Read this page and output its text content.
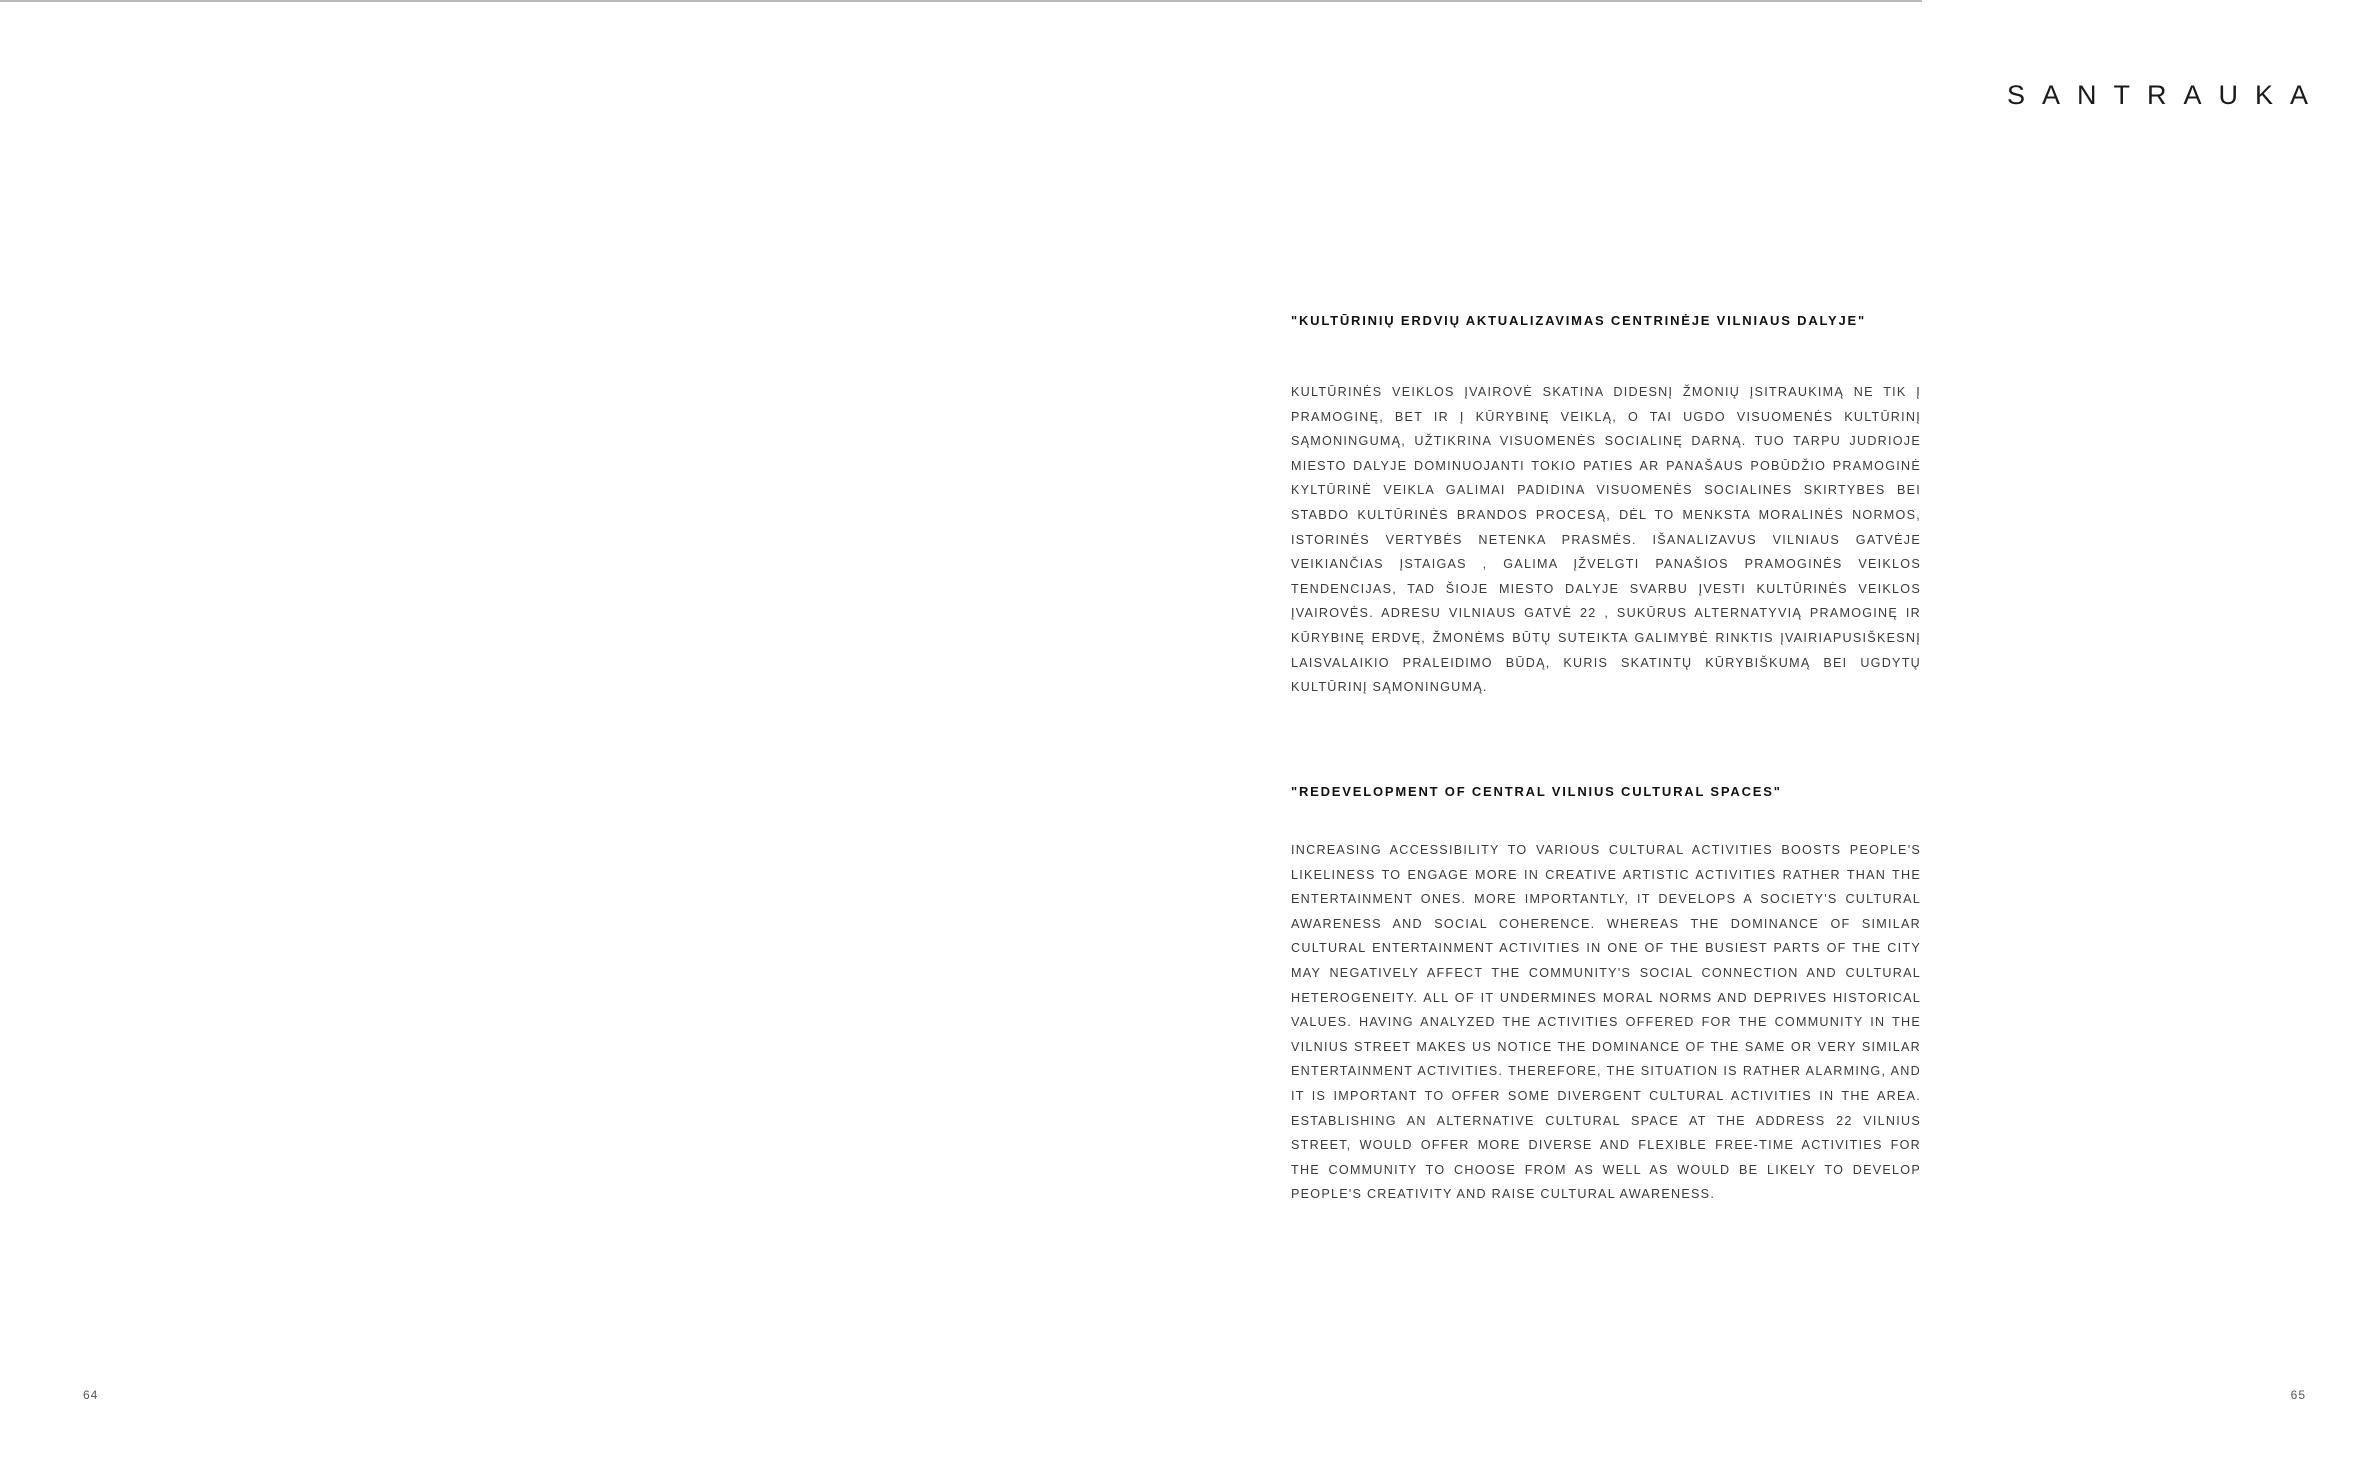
SANTRAUKA
"KULTŪRINIŲ ERDVIŲ AKTUALIZAVIMAS CENTRINĖJE VILNIAUS DALYJE"
KULTŪRINĖS VEIKLOS ĮVAIROVĖ SKATINA DIDESNĮ ŽMONIŲ ĮSITRAUKIMĄ NE TIK Į PRAMOGINĘ, BET IR Į KŪRYBINĘ VEIKLĄ, O TAI UGDO VISUOMENĖS KULTŪRINĮ SĄMONINGUMĄ, UŽTIKRINA VISUOMENĖS SOCIALINĘ DARNĄ. TUO TARPU JUDRIOJE MIESTO DALYJE DOMINUOJANTI TOKIO PATIES AR PANAŠAUS POBŪDŽIO PRAMOGINĖ KYLTŪRINĖ VEIKLA GALIMAI PADIDINA VISUOMENĖS SOCIALINES SKIRTYBES BEI STABDO KULTŪRINĖS BRANDOS PROCESĄ, DĖL TO MENKSTA MORALINĖS NORMOS, ISTORINĖS VERTYBĖS NETENKA PRASMĖS. IŠANALIZAVUS VILNIAUS GATVĖJE VEIKIANČIAS ĮSTAIGAS , GALIMA ĮŽVELGTI PANAŠIOS PRAMOGINĖS VEIKLOS TENDENCIJAS, TAD ŠIOJE MIESTO DALYJE SVARBU ĮVESTI KULTŪRINĖS VEIKLOS ĮVAIROVĖS. ADRESU VILNIAUS GATVĖ 22 , SUKŪRUS ALTERNATYVIĄ PRAMOGINĘ IR KŪRYBINĘ ERDVĘ, ŽMONĖMS BŪTŲ SUTEIKTA GALIMYBĖ RINKTIS ĮVAIRIAPUSIŠKESNĮ LAISVALAIKIO PRALEIDIMO BŪDĄ, KURIS SKATINTŲ KŪRYBIŠKUMĄ BEI UGDYTŲ KULTŪRINĮ SĄMONINGUMĄ.
"REDEVELOPMENT OF CENTRAL VILNIUS CULTURAL SPACES"
INCREASING ACCESSIBILITY TO VARIOUS CULTURAL ACTIVITIES BOOSTS PEOPLE'S LIKELINESS TO ENGAGE MORE IN CREATIVE ARTISTIC ACTIVITIES RATHER THAN THE ENTERTAINMENT ONES. MORE IMPORTANTLY, IT DEVELOPS A SOCIETY'S CULTURAL AWARENESS AND SOCIAL COHERENCE. WHEREAS THE DOMINANCE OF SIMILAR CULTURAL ENTERTAINMENT ACTIVITIES IN ONE OF THE BUSIEST PARTS OF THE CITY MAY NEGATIVELY AFFECT THE COMMUNITY'S SOCIAL CONNECTION AND CULTURAL HETEROGENEITY. ALL OF IT UNDERMINES MORAL NORMS AND DEPRIVES HISTORICAL VALUES. HAVING ANALYZED THE ACTIVITIES OFFERED FOR THE COMMUNITY IN THE VILNIUS STREET MAKES US NOTICE THE DOMINANCE OF THE SAME OR VERY SIMILAR ENTERTAINMENT ACTIVITIES. THEREFORE, THE SITUATION IS RATHER ALARMING, AND IT IS IMPORTANT TO OFFER SOME DIVERGENT CULTURAL ACTIVITIES IN THE AREA. ESTABLISHING AN ALTERNATIVE CULTURAL SPACE AT THE ADDRESS 22 VILNIUS STREET, WOULD OFFER MORE DIVERSE AND FLEXIBLE FREE-TIME ACTIVITIES FOR THE COMMUNITY TO CHOOSE FROM AS WELL AS WOULD BE LIKELY TO DEVELOP PEOPLE'S CREATIVITY AND RAISE CULTURAL AWARENESS.
64	65
